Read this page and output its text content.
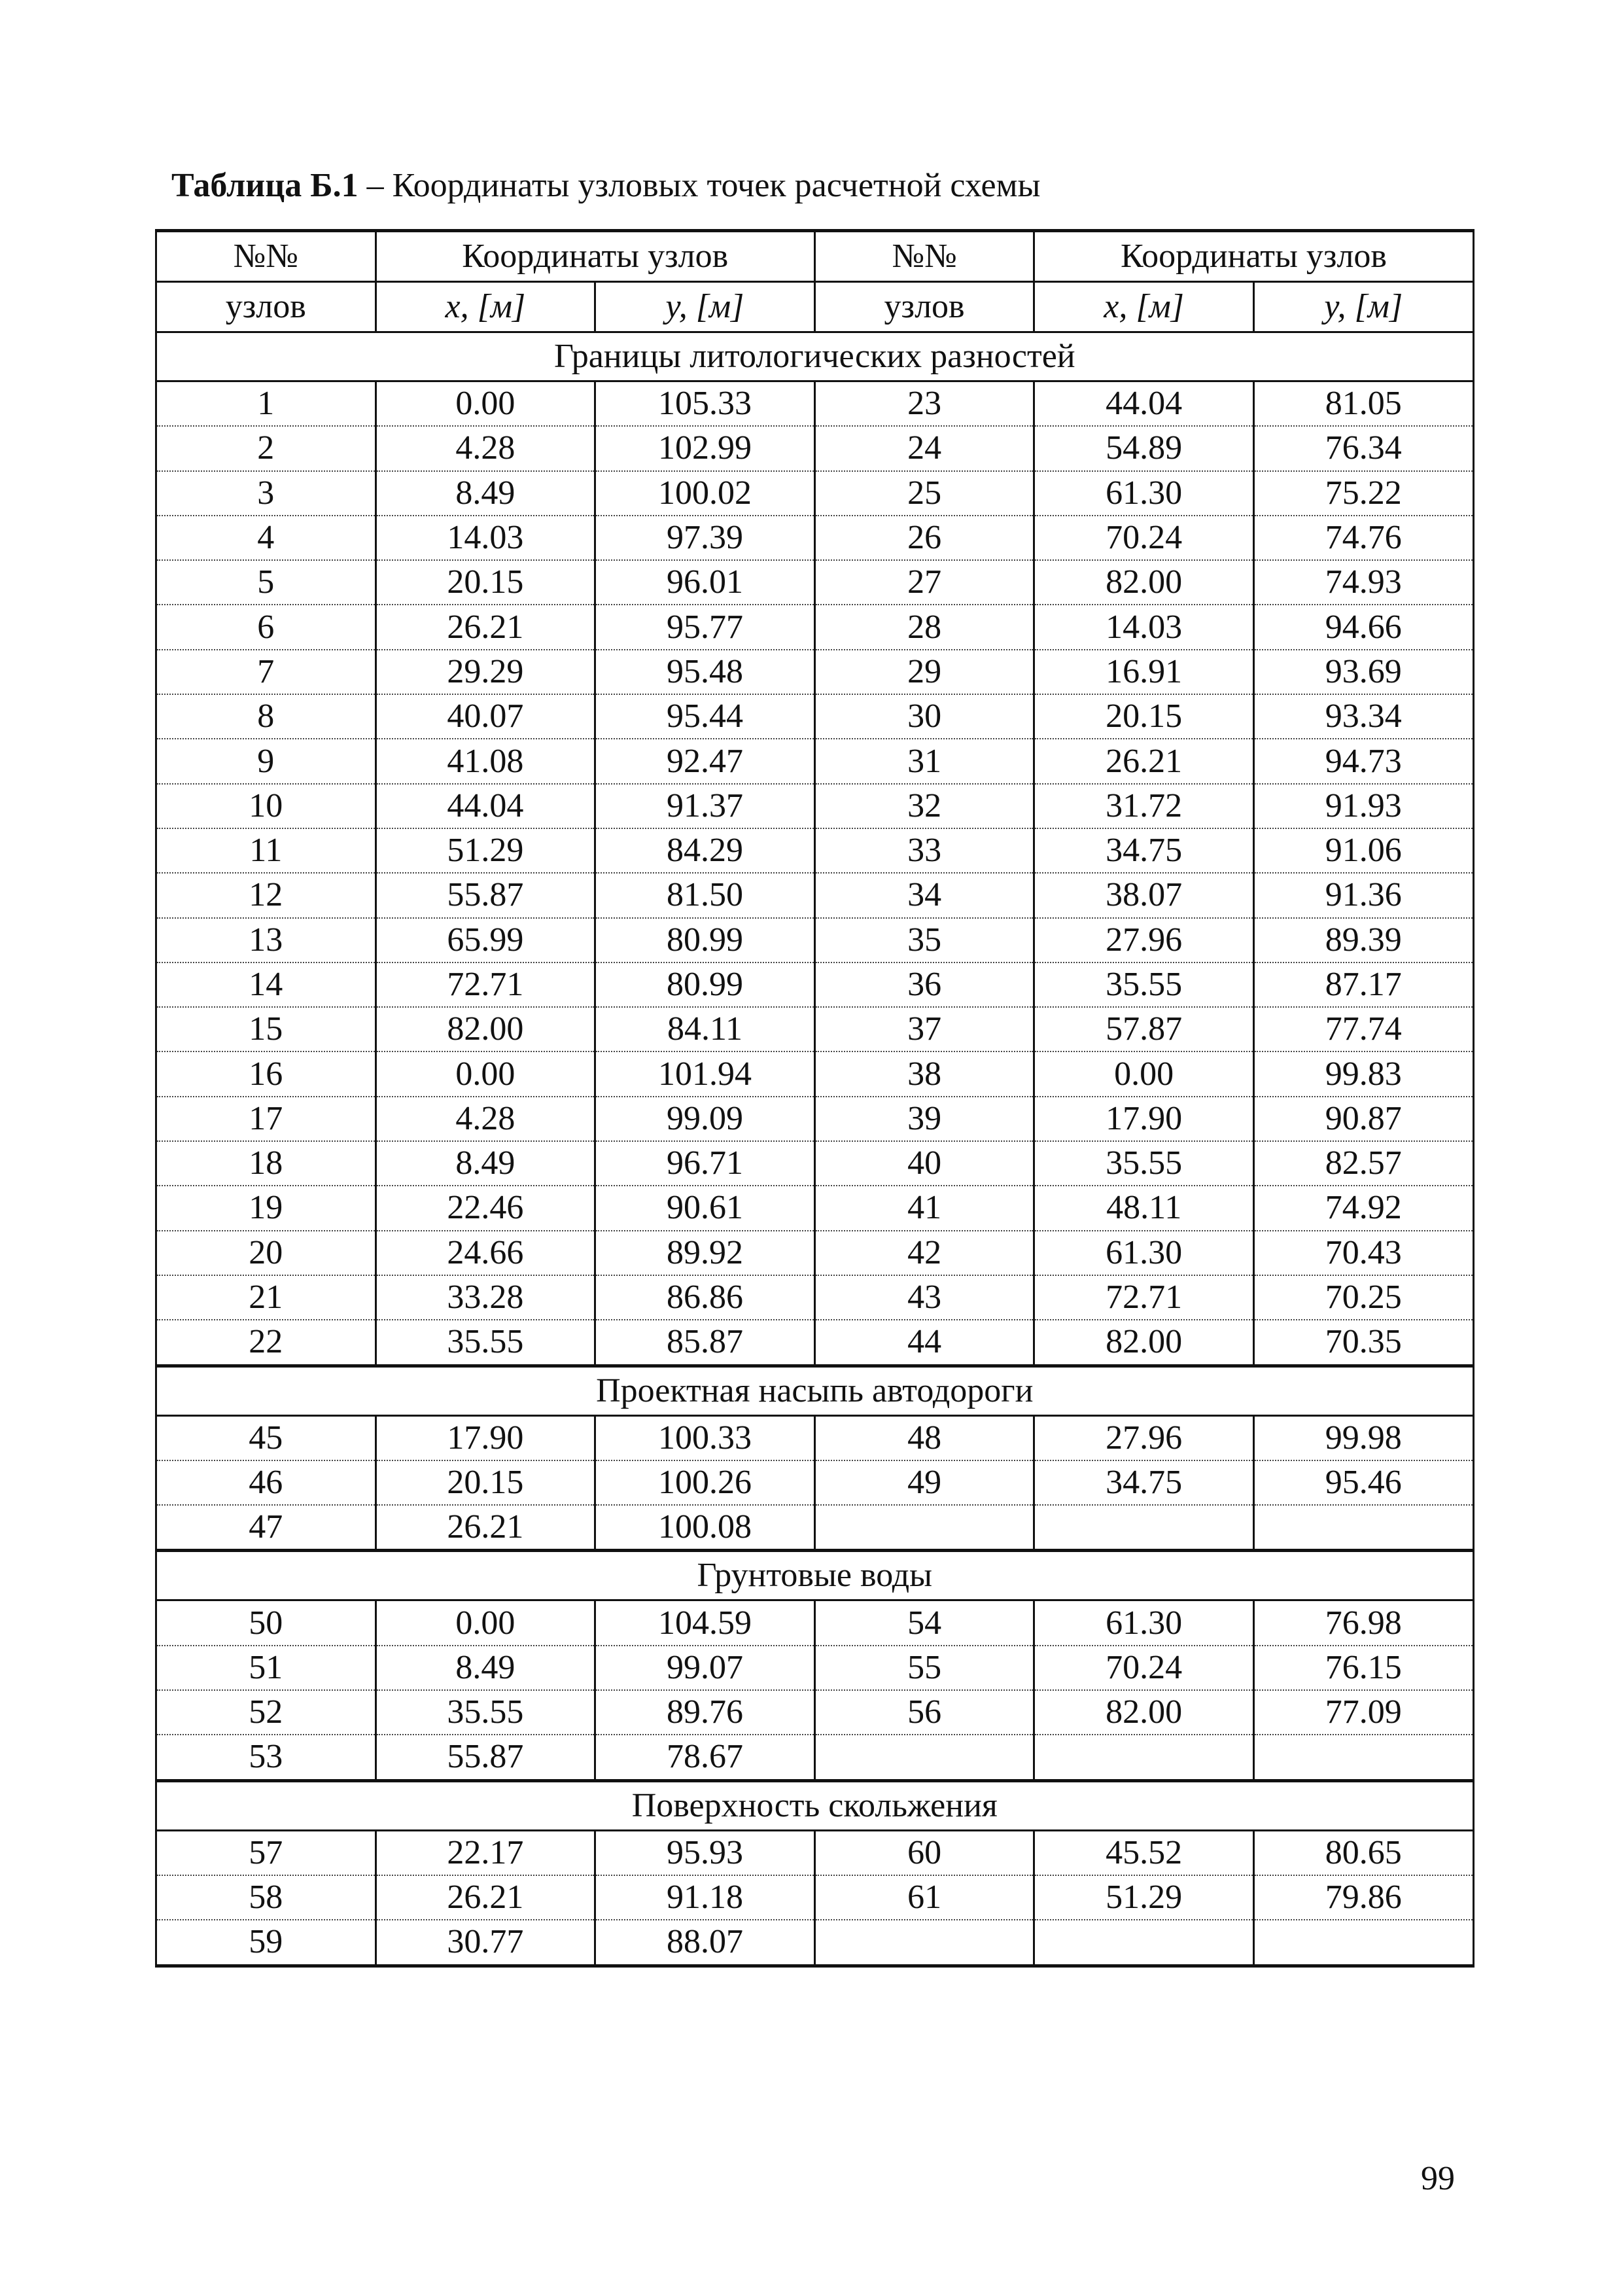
Таблица Б.1 – Координаты узловых точек расчетной схемы
№№	Координаты узлов		№№	Координаты узлов	
узлов	x, [м]	y, [м]	узлов	x, [м]	y, [м]
Границы литологических разностей					
1	0.00	105.33	23	44.04	81.05
2	4.28	102.99	24	54.89	76.34
3	8.49	100.02	25	61.30	75.22
4	14.03	97.39	26	70.24	74.76
5	20.15	96.01	27	82.00	74.93
6	26.21	95.77	28	14.03	94.66
7	29.29	95.48	29	16.91	93.69
8	40.07	95.44	30	20.15	93.34
9	41.08	92.47	31	26.21	94.73
10	44.04	91.37	32	31.72	91.93
11	51.29	84.29	33	34.75	91.06
12	55.87	81.50	34	38.07	91.36
13	65.99	80.99	35	27.96	89.39
14	72.71	80.99	36	35.55	87.17
15	82.00	84.11	37	57.87	77.74
16	0.00	101.94	38	0.00	99.83
17	4.28	99.09	39	17.90	90.87
18	8.49	96.71	40	35.55	82.57
19	22.46	90.61	41	48.11	74.92
20	24.66	89.92	42	61.30	70.43
21	33.28	86.86	43	72.71	70.25
22	35.55	85.87	44	82.00	70.35
Проектная насыпь автодороги					
45	17.90	100.33	48	27.96	99.98
46	20.15	100.26	49	34.75	95.46
47	26.21	100.08			
Грунтовые воды					
50	0.00	104.59	54	61.30	76.98
51	8.49	99.07	55	70.24	76.15
52	35.55	89.76	56	82.00	77.09
53	55.87	78.67			
Поверхность скольжения					
57	22.17	95.93	60	45.52	80.65
58	26.21	91.18	61	51.29	79.86
59	30.77	88.07			
99
